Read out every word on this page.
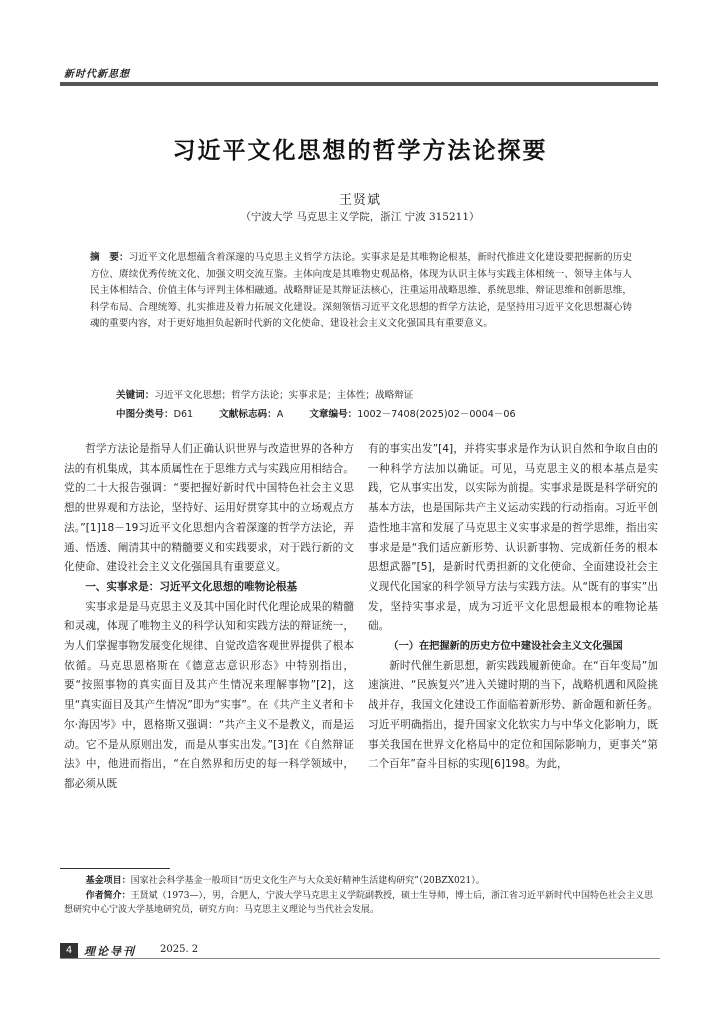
新时代新思想
习近平文化思想的哲学方法论探要
王贤斌
（宁波大学 马克思主义学院，浙江 宁波 315211）
摘　要：习近平文化思想蕴含着深邃的马克思主义哲学方法论。实事求是是其唯物论根基，新时代推进文化建设要把握新的历史方位、赓续优秀传统文化、加强文明交流互鉴。主体向度是其唯物史观品格，体现为认识主体与实践主体相统一、领导主体与人民主体相结合、价值主体与评判主体相融通。战略辩证是其辩证法核心，注重运用战略思维、系统思维、辩证思维和创新思维，科学布局、合理统筹、扎实推进及着力拓展文化建设。深刻领悟习近平文化思想的哲学方法论，是坚持用习近平文化思想凝心铸魂的重要内容，对于更好地担负起新时代新的文化使命、建设社会主义文化强国具有重要意义。
关键词：习近平文化思想；哲学方法论；实事求是；主体性；战略辩证
中图分类号：D61	文献标志码：A	文章编号：1002－7408(2025)02－0004－06

哲学方法论是指导人们正确认识世界与改造世界的各种方法的有机集成，其本质属性在于思维方式与实践应用相结合。党的二十大报告强调：“要把握好新时代中国特色社会主义思想的世界观和方法论，坚持好、运用好贯穿其中的立场观点方法。”[1]18－19习近平文化思想内含着深邃的哲学方法论，弄通、悟透、阐清其中的精髓要义和实践要求，对于践行新的文化使命、建设社会主义文化强国具有重要意义。

一、实事求是：习近平文化思想的唯物论根基

实事求是是马克思主义及其中国化时代化理论成果的精髓和灵魂，体现了唯物主义的科学认知和实践方法的辩证统一，为人们掌握事物发展变化规律、自觉改造客观世界提供了根本依循。马克思恩格斯在《德意志意识形态》中特别指出，要“按照事物的真实面目及其产生情况来理解事物”[2]，这里“真实面目及其产生情况”即为“实事”。在《共产主义者和卡尔·海因岑》中，恩格斯又强调：“共产主义不是教义，而是运动。它不是从原则出发，而是从事实出发。”[3]在《自然辩证法》中，他进而指出，“在自然界和历史的每一科学领域中，都必须从既

有的事实出发”[4]，并将实事求是作为认识自然和争取自由的一种科学方法加以确证。可见，马克思主义的根本基点是实践，它从事实出发，以实际为前提。实事求是既是科学研究的基本方法，也是国际共产主义运动实践的行动指南。习近平创造性地丰富和发展了马克思主义实事求是的哲学思维，指出实事求是是“我们适应新形势、认识新事物、完成新任务的根本思想武器”[5]，是新时代勇担新的文化使命、全面建设社会主义现代化国家的科学领导方法与实践方法。从“既有的事实”出发，坚持实事求是，成为习近平文化思想最根本的唯物论基础。

（一）在把握新的历史方位中建设社会主义文化强国

新时代催生新思想，新实践践履新使命。在“百年变局”加速演进、“民族复兴”进入关键时期的当下，战略机遇和风险挑战并存，我国文化建设工作面临着新形势、新命题和新任务。习近平明确指出，提升国家文化软实力与中华文化影响力，既事关我国在世界文化格局中的定位和国际影响力，更事关“第二个百年”奋斗目标的实现[6]198。为此，

基金项目：国家社会科学基金一般项目“历史文化生产与大众美好精神生活建构研究”（20BZX021）。
作者简介：王贤斌（1973—），男，合肥人，宁波大学马克思主义学院副教授，硕士生导师，博士后，浙江省习近平新时代中国特色社会主义思想研究中心宁波大学基地研究员，研究方向：马克思主义理论与当代社会发展。
4	理论导刊 2025. 2
